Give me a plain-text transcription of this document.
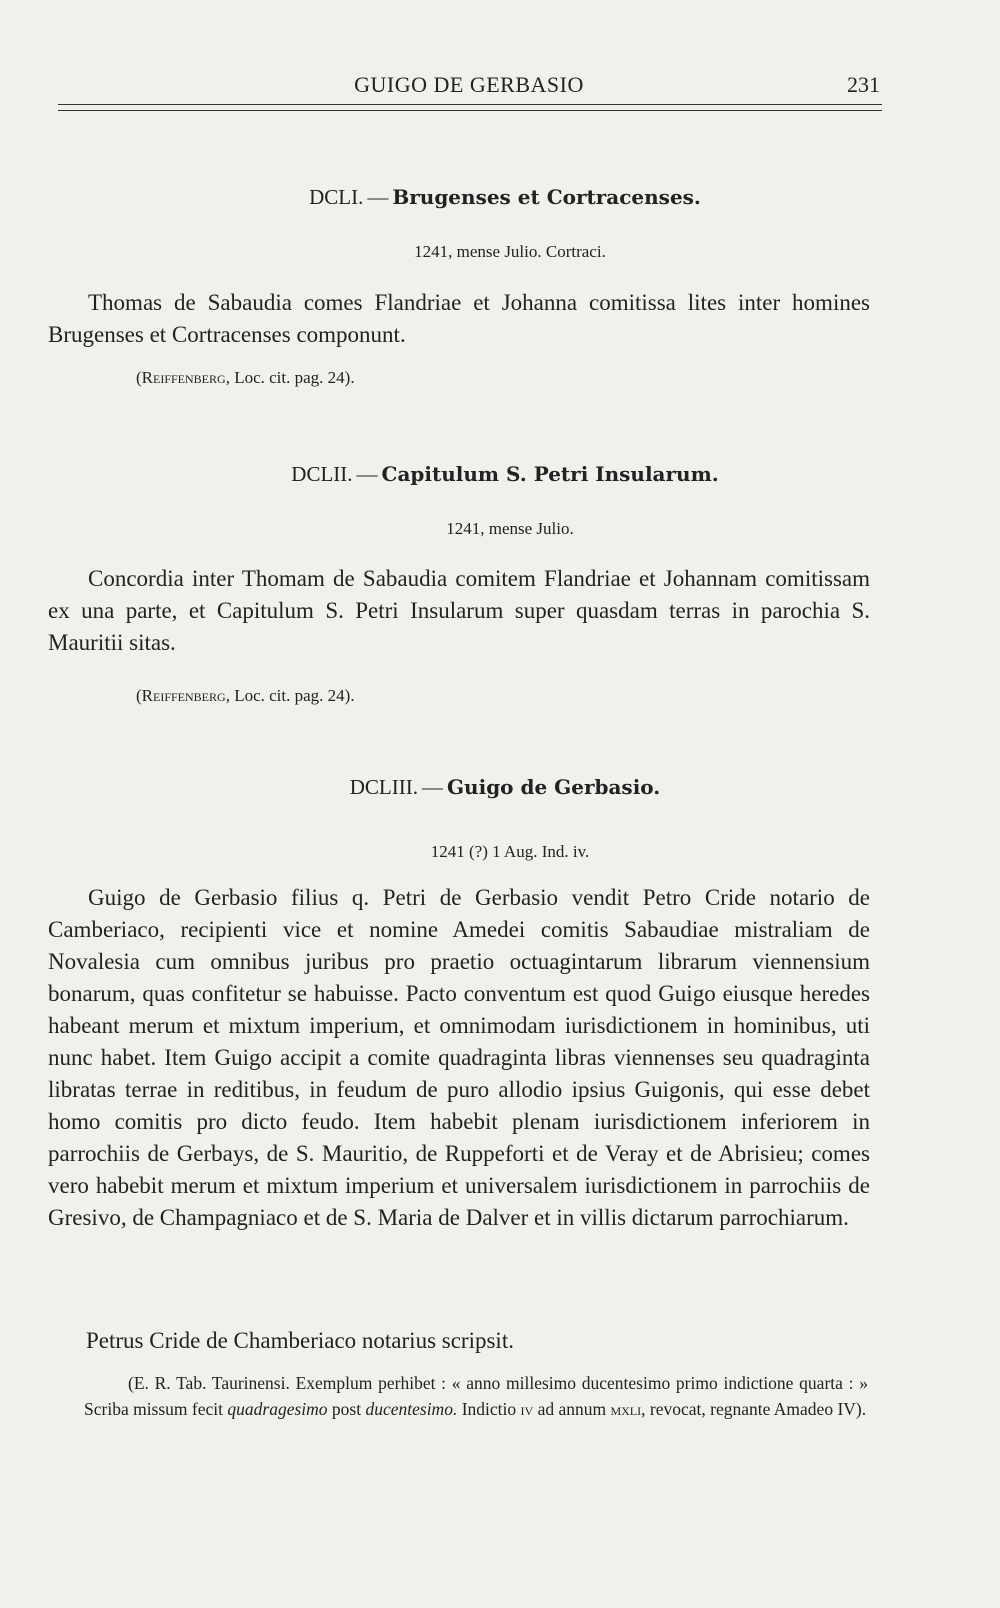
GUIGO DE GERBASIO	231
DCLI. — Brugenses et Cortracenses.
1241, mense Julio. Cortraci.
Thomas de Sabaudia comes Flandriae et Johanna comitissa lites inter homines Brugenses et Cortracenses componunt.
(Reiffenberg, Loc. cit. pag. 24).
DCLII. — Capitulum S. Petri Insularum.
1241, mense Julio.
Concordia inter Thomam de Sabaudia comitem Flandriae et Johannam comitissam ex una parte, et Capitulum S. Petri Insularum super quasdam terras in parochia S. Mauritii sitas.
(Reiffenberg, Loc. cit. pag. 24).
DCLIII. — Guigo de Gerbasio.
1241 (?) 1 Aug. Ind. iv.
Guigo de Gerbasio filius q. Petri de Gerbasio vendit Petro Cride notario de Camberiaco, recipienti vice et nomine Amedei comitis Sabaudiae mistraliam de Novalesia cum omnibus juribus pro praetio octuagintarum librarum viennensium bonarum, quas confitetur se habuisse. Pacto conventum est quod Guigo eiusque heredes habeant merum et mixtum imperium, et omnimodam iurisdictionem in hominibus, uti nunc habet. Item Guigo accipit a comite quadraginta libras viennenses seu quadraginta libratas terrae in reditibus, in feudum de puro allodio ipsius Guigonis, qui esse debet homo comitis pro dicto feudo. Item habebit plenam iurisdictionem inferiorem in parrochiis de Gerbays, de S. Mauritio, de Ruppeforti et de Veray et de Abrisieu; comes vero habebit merum et mixtum imperium et universalem iurisdictionem in parrochiis de Gresivo, de Champagniaco et de S. Maria de Dalver et in villis dictarum parrochiarum.
Petrus Cride de Chamberiaco notarius scripsit.
(E. R. Tab. Taurinensi. Exemplum perhibet : « anno millesimo ducentesimo primo indictione quarta : » Scriba missum fecit quadragesimo post ducentesimo. Indictio iv ad annum mxli, revocat, regnante Amadeo IV).
